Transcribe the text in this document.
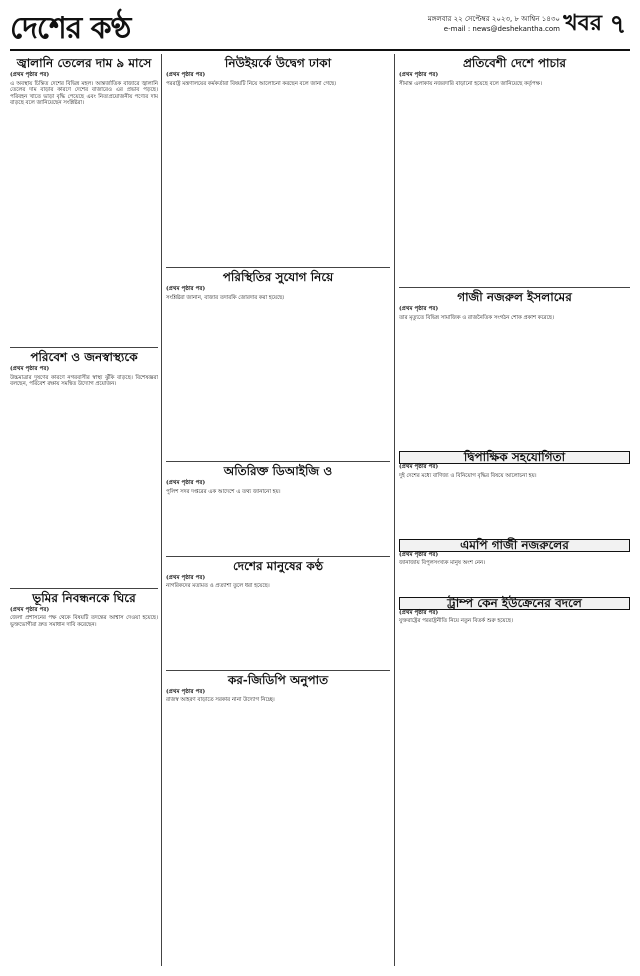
দেশের কণ্ঠ	মঙ্গলবার ২২ সেপ্টেম্বর ২০২৩, ৮ আশ্বিন ১৪৩০
e-mail : news@deshekantha.com খবর ৭
জ্বালানি তেলের দাম ৯ মাসে
(প্রথম পৃষ্ঠার পর)
এ অবস্থায় চিন্তিত দেশের বিভিন্ন মহল। আন্তর্জাতিক বাজারে জ্বালানি তেলের দাম বাড়ার কারণে দেশের বাজারেও এর প্রভাব পড়ছে। পরিবহন খাতে ভাড়া বৃদ্ধি পেয়েছে এবং নিত্যপ্রয়োজনীয় পণ্যের দাম বাড়ছে বলে জানিয়েছেন সংশ্লিষ্টরা।
পরিবেশ ও জনস্বাস্থ্যকে
(প্রথম পৃষ্ঠার পর)
উচ্চমাত্রার দূষণের কারণে নগরবাসীর স্বাস্থ্য ঝুঁকি বাড়ছে। বিশেষজ্ঞরা বলছেন, পরিবেশ রক্ষায় সমন্বিত উদ্যোগ প্রয়োজন।
ভূমির নিবন্ধনকে ঘিরে
(প্রথম পৃষ্ঠার পর)
জেলা প্রশাসনের পক্ষ থেকে বিষয়টি তদন্তের আশ্বাস দেওয়া হয়েছে। ভুক্তভোগীরা দ্রুত সমাধান দাবি করেছেন।
নিউইয়র্কে উদ্বেগ ঢাকা
(প্রথম পৃষ্ঠার পর)
পররাষ্ট্র মন্ত্রণালয়ের কর্মকর্তারা বিষয়টি নিয়ে আলোচনা করছেন বলে জানা গেছে।
পরিস্থিতির সুযোগ নিয়ে
(প্রথম পৃষ্ঠার পর)
সংশ্লিষ্টরা জানান, বাজার তদারকি জোরদার করা হয়েছে।
অতিরিক্ত ডিআইজি ও
(প্রথম পৃষ্ঠার পর)
পুলিশ সদর দপ্তরের এক আদেশে এ তথ্য জানানো হয়।
দেশের মানুষের কণ্ঠ
(প্রথম পৃষ্ঠার পর)
নাগরিকদের মতামত ও প্রত্যাশা তুলে ধরা হয়েছে।
কর-জিডিপি অনুপাত
(প্রথম পৃষ্ঠার পর)
রাজস্ব আহরণ বাড়াতে সরকার নানা উদ্যোগ নিচ্ছে।
প্রতিবেশী দেশে পাচার
(প্রথম পৃষ্ঠার পর)
সীমান্ত এলাকায় নজরদারি বাড়ানো হয়েছে বলে জানিয়েছে কর্তৃপক্ষ।
গাজী নজরুল ইসলামের
(প্রথম পৃষ্ঠার পর)
তার মৃত্যুতে বিভিন্ন সামাজিক ও রাজনৈতিক সংগঠন শোক প্রকাশ করেছে।
দ্বিপাক্ষিক সহযোগিতা
(প্রথম পৃষ্ঠার পর)
দুই দেশের মধ্যে বাণিজ্য ও বিনিয়োগ বৃদ্ধির বিষয়ে আলোচনা হয়।
এমপি গাজী নজরুলের
(প্রথম পৃষ্ঠার পর)
জানাজায় বিপুলসংখ্যক মানুষ অংশ নেন।
ট্রাম্প কেন ইউক্রেনের বদলে
(প্রথম পৃষ্ঠার পর)
যুক্তরাষ্ট্রের পররাষ্ট্রনীতি নিয়ে নতুন বিতর্ক শুরু হয়েছে।
